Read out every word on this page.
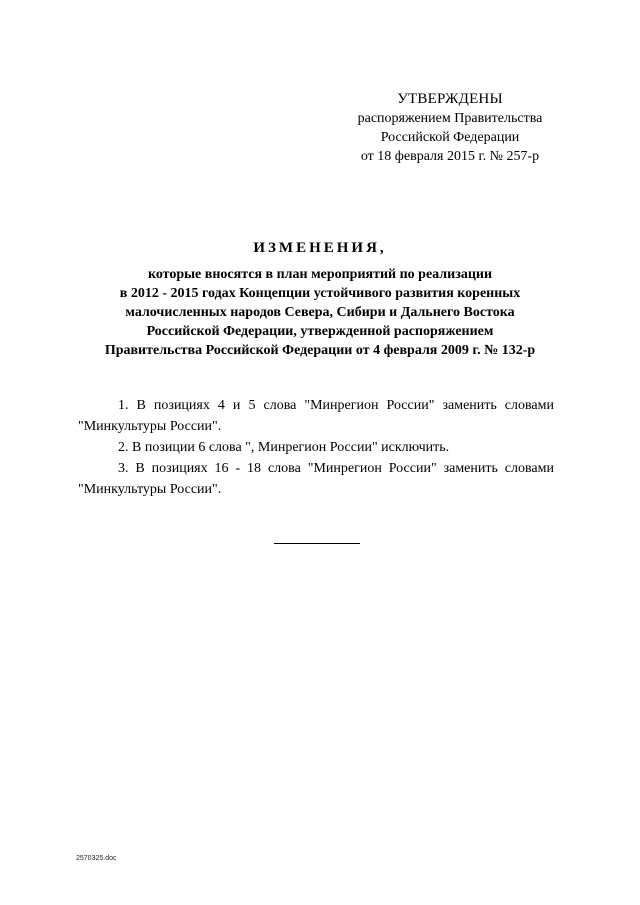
УТВЕРЖДЕНЫ
распоряжением Правительства
Российской Федерации
от 18 февраля 2015 г. № 257-р
ИЗМЕНЕНИЯ,
которые вносятся в план мероприятий по реализации
в 2012 - 2015 годах Концепции устойчивого развития коренных
малочисленных народов Севера, Сибири и Дальнего Востока
Российской Федерации, утвержденной распоряжением
Правительства Российской Федерации от 4 февраля 2009 г. № 132-р

1. В позициях 4 и 5 слова "Минрегион России" заменить словами "Минкультуры России".

2. В позиции 6 слова ", Минрегион России" исключить.

3. В позициях 16 - 18 слова "Минрегион России" заменить словами "Минкультуры России".

2570325.doc
